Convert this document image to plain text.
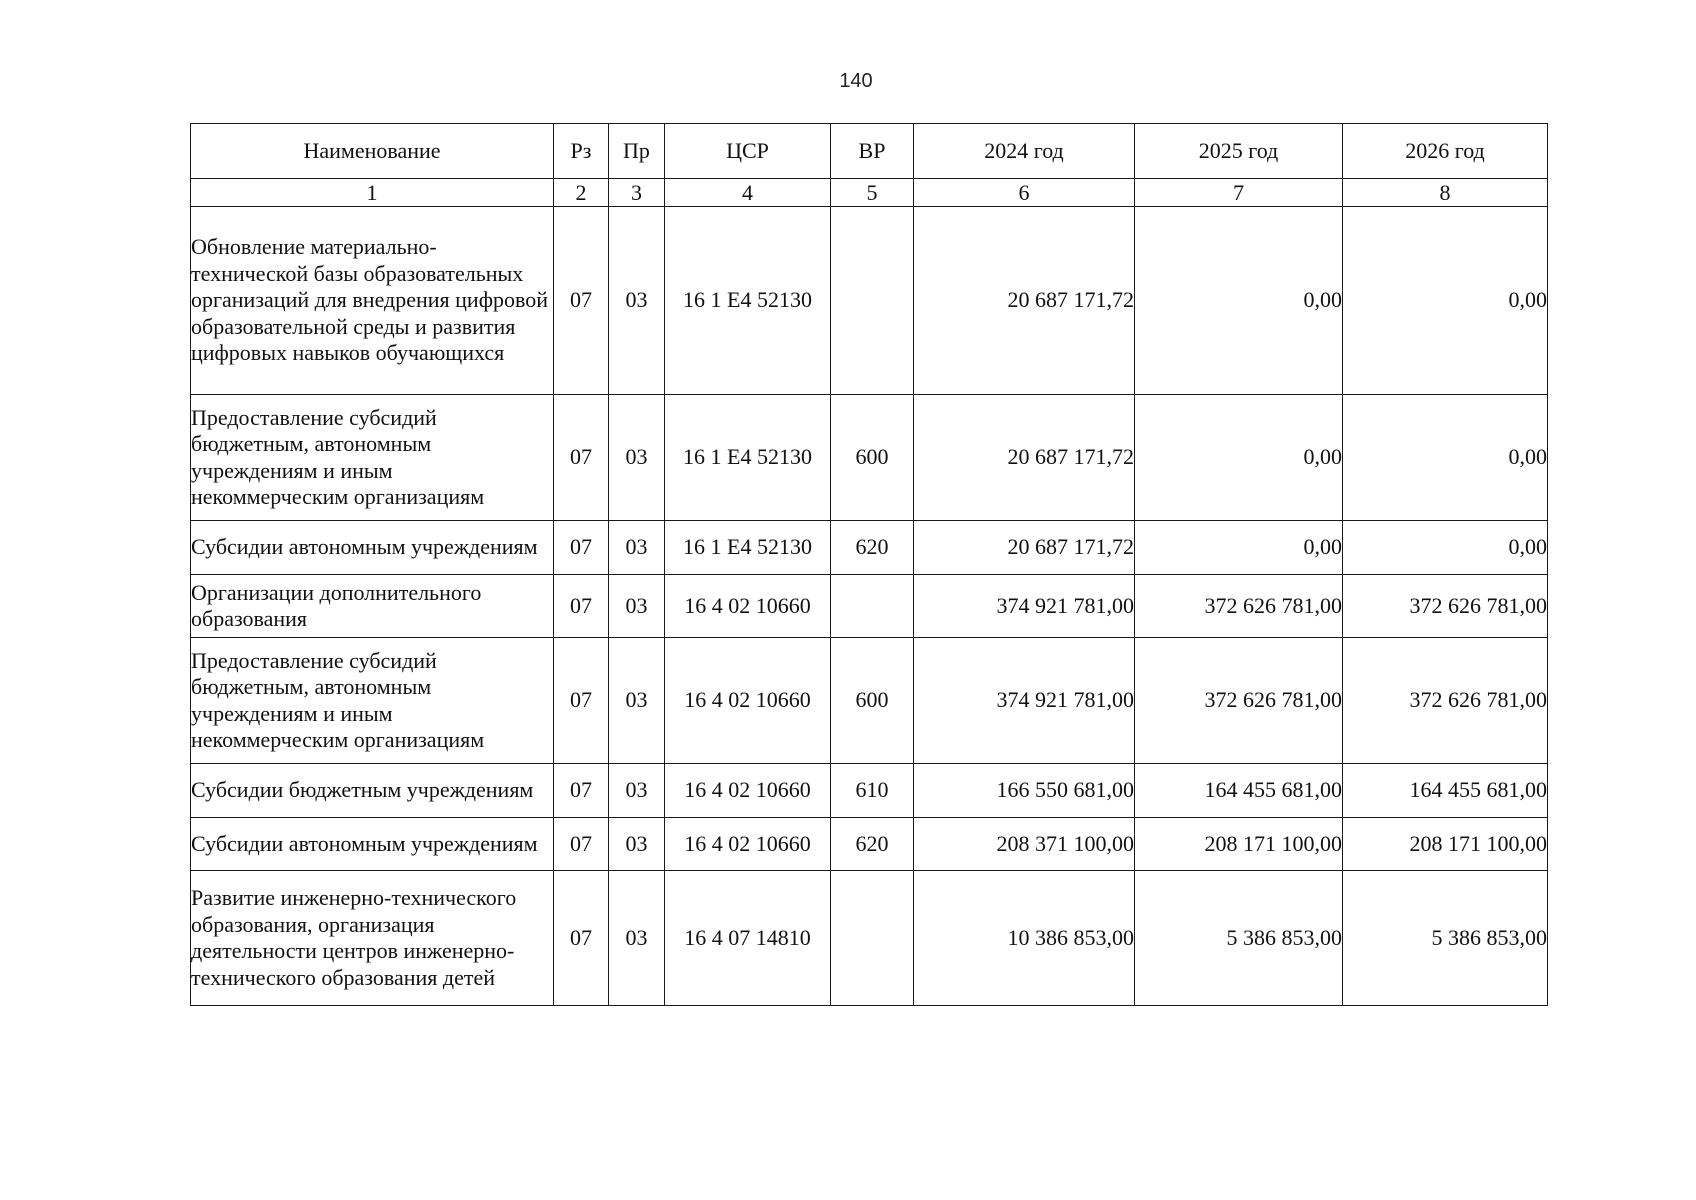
140
Наименование	Рз	Пр	ЦСР	ВР	2024 год	2025 год	2026 год
1	2	3	4	5	6	7	8
Обновление материально-технической базы образовательных организаций для внедрения цифровой образовательной среды и развития цифровых навыков обучающихся	07	03	16 1 E4 52130		20 687 171,72	0,00	0,00
Предоставление субсидий бюджетным, автономным учреждениям и иным некоммерческим организациям	07	03	16 1 E4 52130	600	20 687 171,72	0,00	0,00
Субсидии автономным учреждениям	07	03	16 1 E4 52130	620	20 687 171,72	0,00	0,00
Организации дополнительного образования	07	03	16 4 02 10660		374 921 781,00	372 626 781,00	372 626 781,00
Предоставление субсидий бюджетным, автономным учреждениям и иным некоммерческим организациям	07	03	16 4 02 10660	600	374 921 781,00	372 626 781,00	372 626 781,00
Субсидии бюджетным учреждениям	07	03	16 4 02 10660	610	166 550 681,00	164 455 681,00	164 455 681,00
Субсидии автономным учреждениям	07	03	16 4 02 10660	620	208 371 100,00	208 171 100,00	208 171 100,00
Развитие инженерно-технического образования, организация деятельности центров инженерно-технического образования детей	07	03	16 4 07 14810		10 386 853,00	5 386 853,00	5 386 853,00
